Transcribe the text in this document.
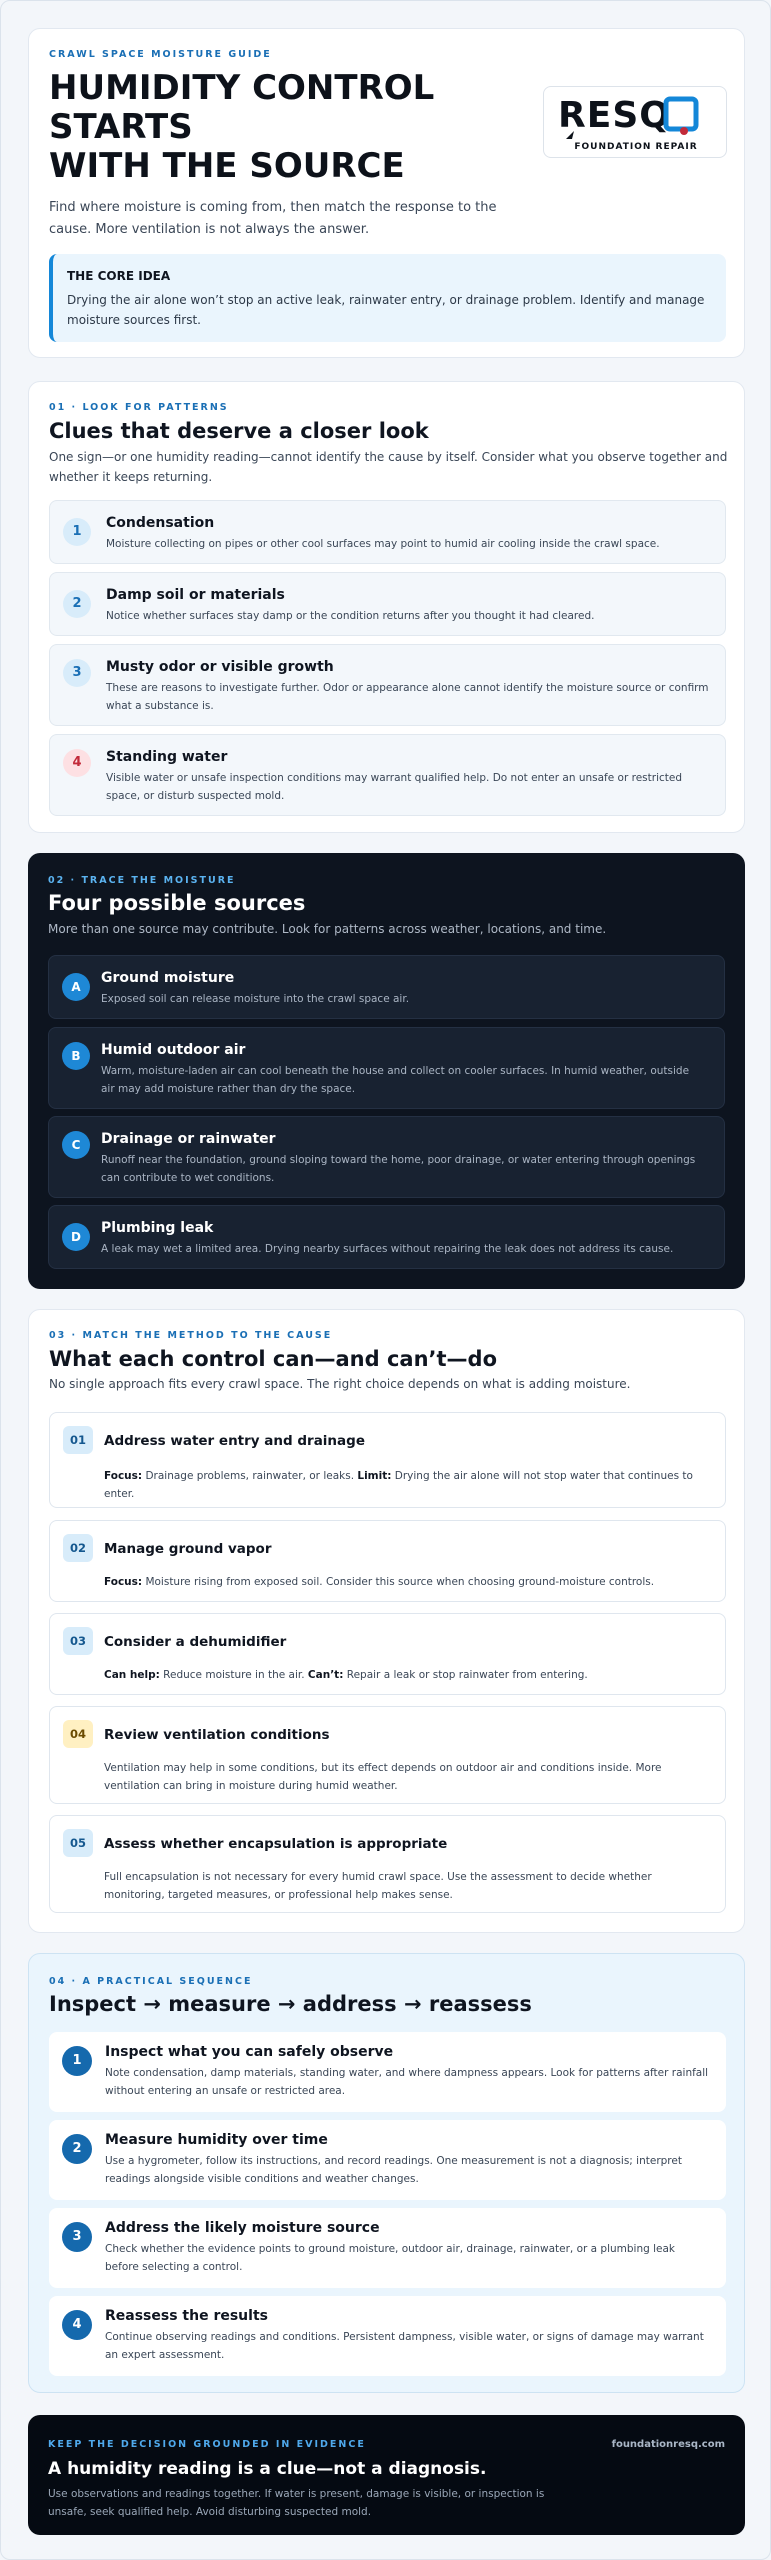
CRAWL SPACE MOISTURE GUIDE
HUMIDITY CONTROL
STARTS
WITH THE SOURCE
Find where moisture is coming from, then match the response to the cause. More ventilation is not always the answer.
RESQ
FOUNDATION REPAIR
THE CORE IDEA
Drying the air alone won’t stop an active leak, rainwater entry, or drainage problem. Identify and manage moisture sources first.
01 · LOOK FOR PATTERNS
Clues that deserve a closer look
One sign—or one humidity reading—cannot identify the cause by itself. Consider what you observe together and whether it keeps returning.
1
Condensation
Moisture collecting on pipes or other cool surfaces may point to humid air cooling inside the crawl space.
2
Damp soil or materials
Notice whether surfaces stay damp or the condition returns after you thought it had cleared.
3	Musty odor or visible growth
These are reasons to investigate further. Odor or appearance alone cannot identify the moisture source or confirm what a substance is.
4	Standing water
Visible water or unsafe inspection conditions may warrant qualified help. Do not enter an unsafe or restricted space, or disturb suspected mold.
02 · TRACE THE MOISTURE
Four possible sources
More than one source may contribute. Look for patterns across weather, locations, and time.
A
Ground moisture
Exposed soil can release moisture into the crawl space air.
B	Humid outdoor air
Warm, moisture-laden air can cool beneath the house and collect on cooler surfaces. In humid weather, outside air may add moisture rather than dry the space.
C	Drainage or rainwater
Runoff near the foundation, ground sloping toward the home, poor drainage, or water entering through openings can contribute to wet conditions.
D
Plumbing leak
A leak may wet a limited area. Drying nearby surfaces without repairing the leak does not address its cause.
03 · MATCH THE METHOD TO THE CAUSE
What each control can—and can’t—do
No single approach fits every crawl space. The right choice depends on what is adding moisture.
01	Address water entry and drainage
Focus: Drainage problems, rainwater, or leaks. Limit: Drying the air alone will not stop water that continues to enter.
02	Manage ground vapor
Focus: Moisture rising from exposed soil. Consider this source when choosing ground-moisture controls.
03	Consider a dehumidifier
Can help: Reduce moisture in the air. Can’t: Repair a leak or stop rainwater from entering.
04	Review ventilation conditions
Ventilation may help in some conditions, but its effect depends on outdoor air and conditions inside. More ventilation can bring in moisture during humid weather.
05	Assess whether encapsulation is appropriate
Full encapsulation is not necessary for every humid crawl space. Use the assessment to decide whether monitoring, targeted measures, or professional help makes sense.
04 · A PRACTICAL SEQUENCE
Inspect → measure → address → reassess
1
Inspect what you can safely observe
Note condensation, damp materials, standing water, and where dampness appears. Look for patterns after rainfall without entering an unsafe or restricted area.
2
Measure humidity over time
Use a hygrometer, follow its instructions, and record readings. One measurement is not a diagnosis; interpret readings alongside visible conditions and weather changes.
3
Address the likely moisture source
Check whether the evidence points to ground moisture, outdoor air, drainage, rainwater, or a plumbing leak before selecting a control.
4
Reassess the results
Continue observing readings and conditions. Persistent dampness, visible water, or signs of damage may warrant an expert assessment.
KEEP THE DECISION GROUNDED IN EVIDENCE	foundationresq.com
A humidity reading is a clue—not a diagnosis.
Use observations and readings together. If water is present, damage is visible, or inspection is unsafe, seek qualified help. Avoid disturbing suspected mold.
